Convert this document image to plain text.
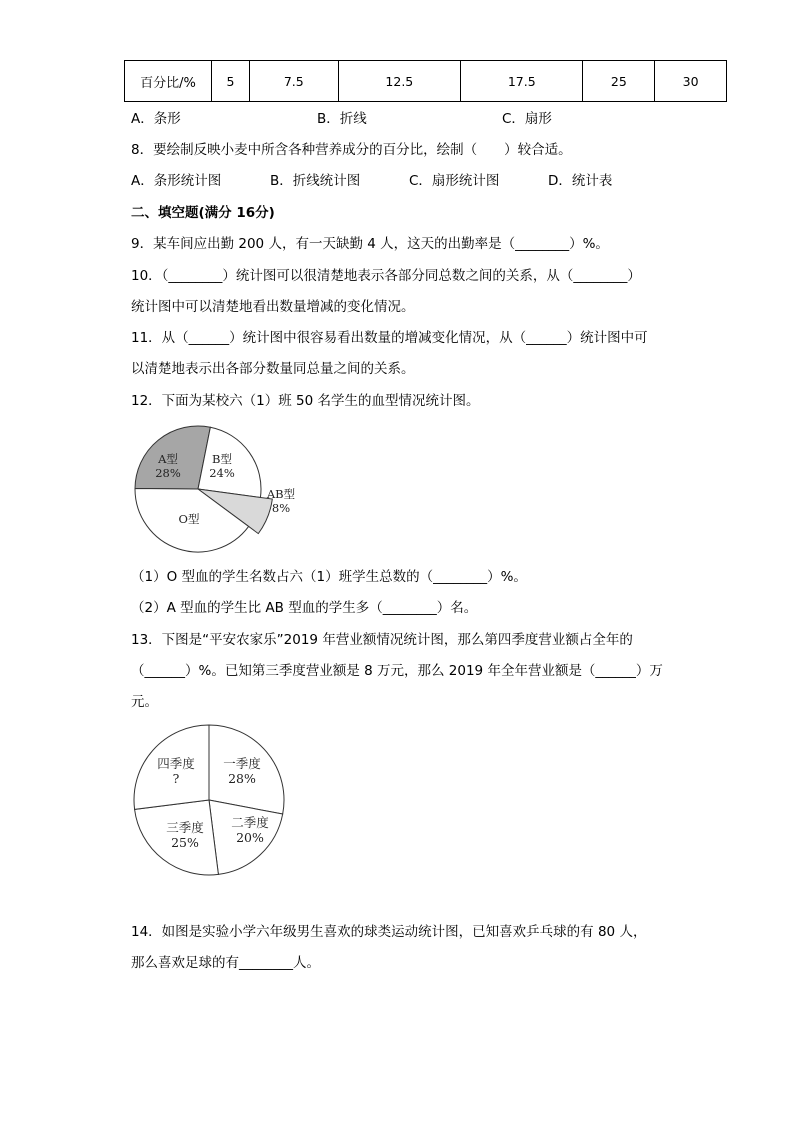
百分比/%	5	7.5	12.5	17.5	25	30
A．条形	B．折线	C．扇形
8．要绘制反映小麦中所含各种营养成分的百分比，绘制（　　）较合适。
A．条形统计图	B．折线统计图	C．扇形统计图	D．统计表
二、填空题(满分 16分)
9．某车间应出勤 200 人，有一天缺勤 4 人，这天的出勤率是（________）%。
10．（________）统计图可以很清楚地表示各部分同总数之间的关系，从（________）
统计图中可以清楚地看出数量增减的变化情况。
11．从（______）统计图中很容易看出数量的增减变化情况，从（______）统计图中可
以清楚地表示出各部分数量同总量之间的关系。
12．下面为某校六（1）班 50 名学生的血型情况统计图。
A型
28%
B型
24%
AB型
8%
O型
（1）O 型血的学生名数占六（1）班学生总数的（________）%。
（2）A 型血的学生比 AB 型血的学生多（________）名。
13．下图是“平安农家乐”2019 年营业额情况统计图，那么第四季度营业额占全年的
（______）%。已知第三季度营业额是 8 万元，那么 2019 年全年营业额是（______）万
元。
一季度
28%
二季度
20%
三季度
25%
四季度
?
14．如图是实验小学六年级男生喜欢的球类运动统计图，已知喜欢乒乓球的有 80 人，
那么喜欢足球的有________人。
